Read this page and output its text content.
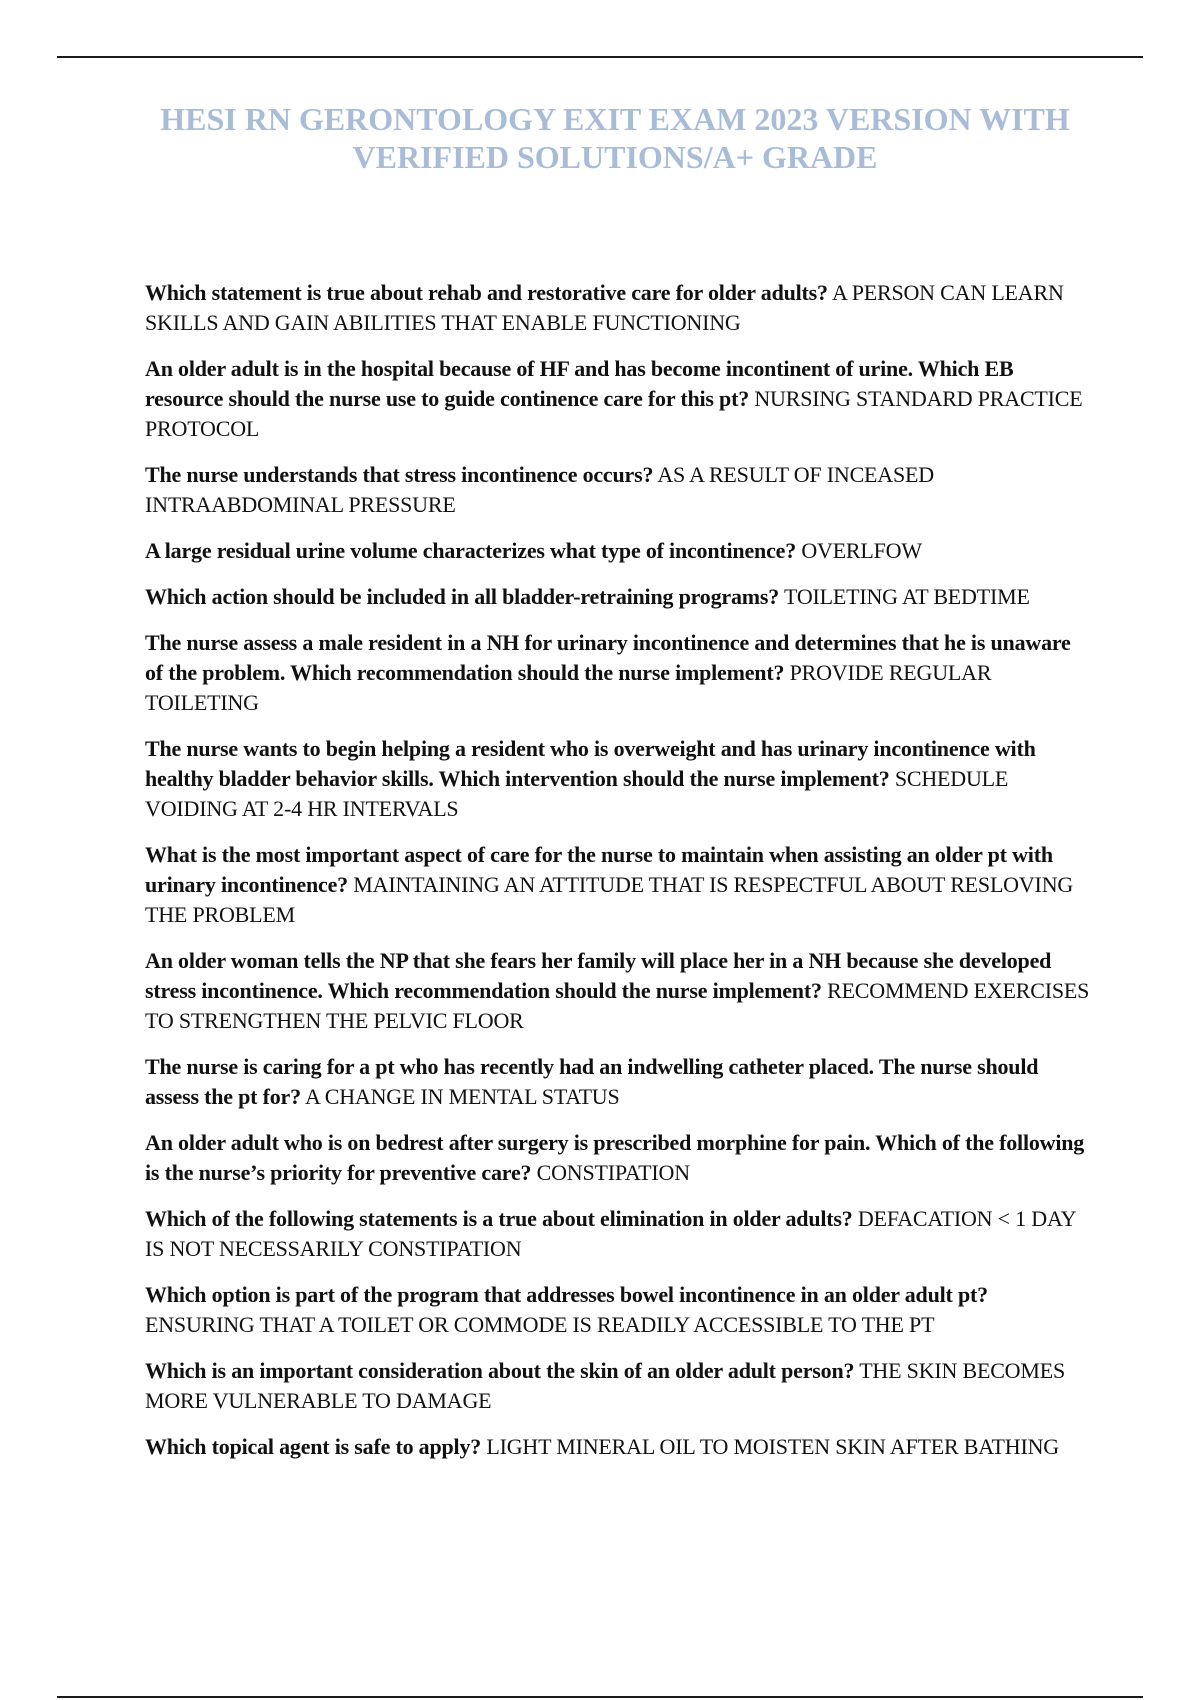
HESI RN GERONTOLOGY EXIT EXAM 2023 VERSION WITH
VERIFIED SOLUTIONS/A+ GRADE
Which statement is true about rehab and restorative care for older adults? A PERSON CAN LEARN SKILLS AND GAIN ABILITIES THAT ENABLE FUNCTIONING
An older adult is in the hospital because of HF and has become incontinent of urine. Which EB resource should the nurse use to guide continence care for this pt? NURSING STANDARD PRACTICE PROTOCOL
The nurse understands that stress incontinence occurs? AS A RESULT OF INCEASED INTRAABDOMINAL PRESSURE
A large residual urine volume characterizes what type of incontinence? OVERLFOW
Which action should be included in all bladder-retraining programs? TOILETING AT BEDTIME
The nurse assess a male resident in a NH for urinary incontinence and determines that he is unaware of the problem. Which recommendation should the nurse implement? PROVIDE REGULAR TOILETING
The nurse wants to begin helping a resident who is overweight and has urinary incontinence with healthy bladder behavior skills. Which intervention should the nurse implement? SCHEDULE VOIDING AT 2-4 HR INTERVALS
What is the most important aspect of care for the nurse to maintain when assisting an older pt with urinary incontinence? MAINTAINING AN ATTITUDE THAT IS RESPECTFUL ABOUT RESLOVING THE PROBLEM
An older woman tells the NP that she fears her family will place her in a NH because she developed stress incontinence. Which recommendation should the nurse implement? RECOMMEND EXERCISES TO STRENGTHEN THE PELVIC FLOOR
The nurse is caring for a pt who has recently had an indwelling catheter placed. The nurse should assess the pt for? A CHANGE IN MENTAL STATUS
An older adult who is on bedrest after surgery is prescribed morphine for pain. Which of the following is the nurse’s priority for preventive care? CONSTIPATION
Which of the following statements is a true about elimination in older adults? DEFACATION < 1 DAY IS NOT NECESSARILY CONSTIPATION
Which option is part of the program that addresses bowel incontinence in an older adult pt? ENSURING THAT A TOILET OR COMMODE IS READILY ACCESSIBLE TO THE PT
Which is an important consideration about the skin of an older adult person? THE SKIN BECOMES MORE VULNERABLE TO DAMAGE
Which topical agent is safe to apply? LIGHT MINERAL OIL TO MOISTEN SKIN AFTER BATHING
